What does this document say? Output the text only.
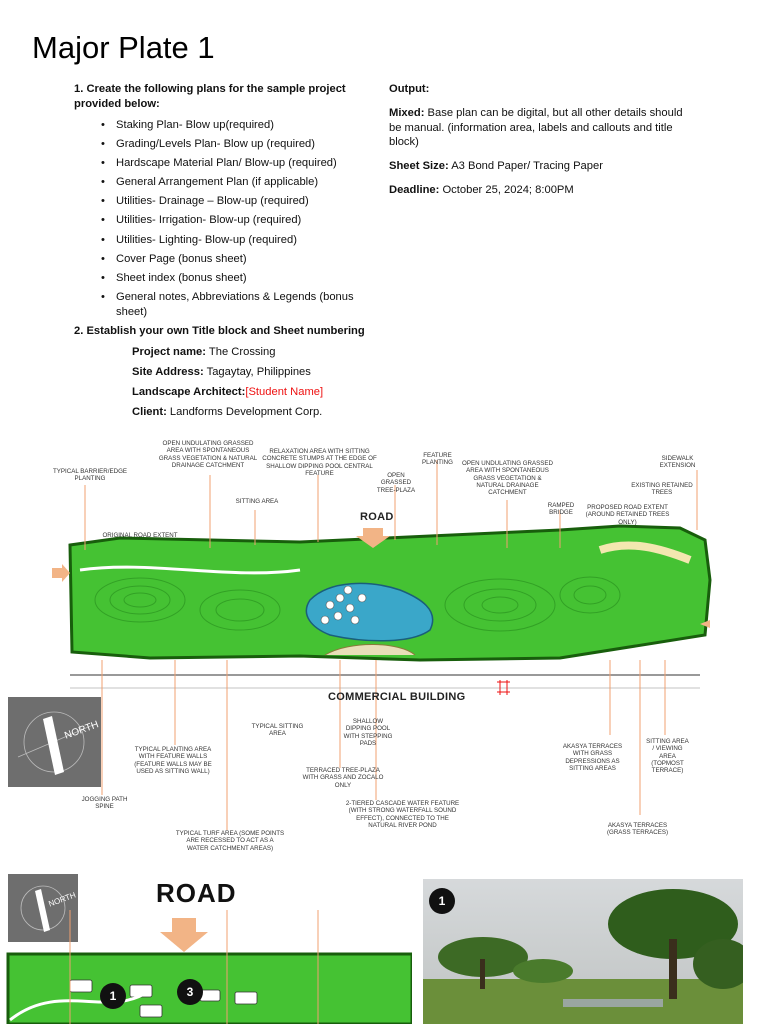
Major Plate 1

1. Create the following plans for the sample project provided below:

• Staking Plan- Blow up(required)
• Grading/Levels Plan- Blow up (required)
• Hardscape Material Plan/ Blow-up (required)
• General Arrangement Plan (if applicable)
• Utilities- Drainage – Blow-up (required)
• Utilities- Irrigation- Blow-up (required)
• Utilities- Lighting- Blow-up (required)
• Cover Page (bonus sheet)
• Sheet index (bonus sheet)
• General notes, Abbreviations & Legends (bonus sheet)

2. Establish your own Title block and Sheet numbering

Project name: The Crossing
Site Address: Tagaytay, Philippines
Landscape Architect:[Student Name]
Client: Landforms Development Corp.

Output:

Mixed: Base plan can be digital, but all other details should be manual. (information area, labels and callouts and title block)

Sheet Size: A3 Bond Paper/ Tracing Paper

Deadline: October 25, 2024; 8:00PM

TYPICAL BARRIER/EDGE PLANTING
OPEN UNDULATING GRASSED AREA WITH SPONTANEOUS GRASS VEGETATION & NATURAL DRAINAGE CATCHMENT
RELAXATION AREA WITH SITTING CONCRETE STUMPS AT THE EDGE OF SHALLOW DIPPING POOL CENTRAL FEATURE
FEATURE PLANTING	OPEN UNDULATING GRASSED AREA WITH SPONTANEOUS GRASS VEGETATION & NATURAL DRAINAGE CATCHMENT
SIDEWALK EXTENSION
EXISTING RETAINED TREES
ORIGINAL ROAD EXTENT
SITTING AREA
OPEN GRASSED TREE-PLAZA
RAMPED BRIDGE
PROPOSED ROAD EXTENT (AROUND RETAINED TREES ONLY)
ROAD
COMMERCIAL BUILDING
TYPICAL SITTING AREA
SHALLOW DIPPING POOL WITH STEPPING PADS
TYPICAL PLANTING AREA WITH FEATURE WALLS (FEATURE WALLS MAY BE USED AS SITTING WALL)	TERRACED TREE-PLAZA WITH GRASS AND ZOCALO ONLY
AKASYA TERRACES WITH GRASS DEPRESSIONS AS SITTING AREAS
SITTING AREA / VIEWING AREA (TOPMOST TERRACE)
JOGGING PATH SPINE	2-TIERED CASCADE WATER FEATURE (WITH STRONG WATERFALL SOUND EFFECT), CONNECTED TO THE NATURAL RIVER POND	AKASYA TERRACES (GRASS TERRACES)
TYPICAL TURF AREA (SOME POINTS ARE RECESSED TO ACT AS A WATER CATCHMENT AREAS)
NORTH
NORTH	ROAD
1	3
1
